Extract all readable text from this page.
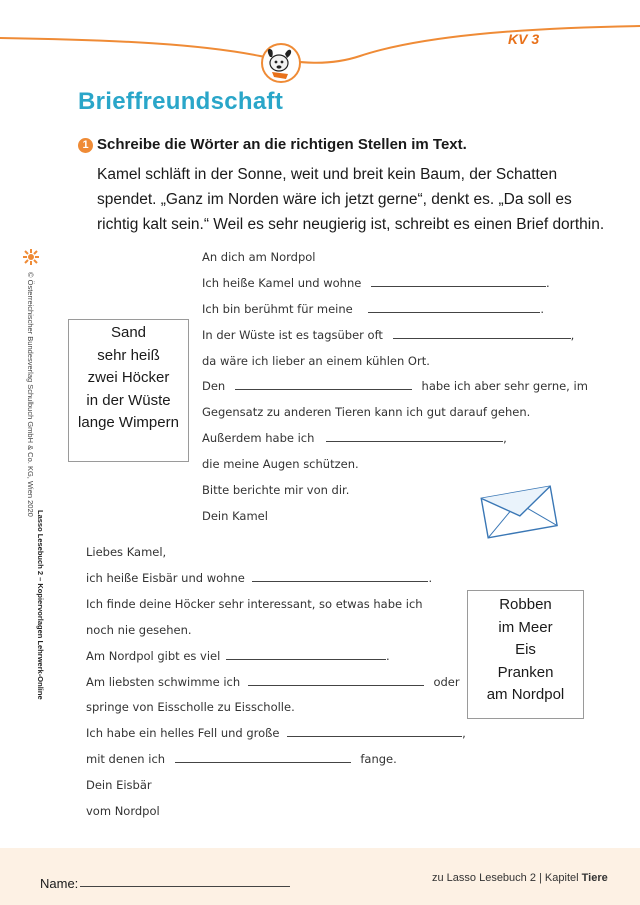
KV 3
Brieffreundschaft
1 Schreibe die Wörter an die richtigen Stellen im Text.
Kamel schläft in der Sonne, weit und breit kein Baum, der Schatten spendet. „Ganz im Norden wäre ich jetzt gerne“, denkt es. „Da soll es richtig kalt sein.“ Weil es sehr neugierig ist, schreibt es einen Brief dorthin.
© Österreichischer Bundesverlag Schulbuch GmbH & Co. KG, Wien 2020
Lasso Lesebuch 2 – Kopiervorlagen Lehrwerk-Online
Sand
sehr heiß
zwei Höcker
in der Wüste
lange Wimpern
An dich am Nordpol
Ich heiße Kamel und wohne	.
Ich bin berühmt für meine	.
In der Wüste ist es tagsüber oft	,
da wäre ich lieber an einem kühlen Ort.
Den	habe ich aber sehr gerne, im
Gegensatz zu anderen Tieren kann ich gut darauf gehen.
Außerdem habe ich	,
die meine Augen schützen.
Bitte berichte mir von dir.
Dein Kamel
Liebes Kamel,
ich heiße Eisbär und wohne	.
Ich finde deine Höcker sehr interessant, so etwas habe ich
noch nie gesehen.
Am Nordpol gibt es viel	.
Am liebsten schwimme ich	oder
springe von Eisscholle zu Eisscholle.
Ich habe ein helles Fell und große	,
mit denen ich	fange.
Dein Eisbär
vom Nordpol
Robben
im Meer
Eis
Pranken
am Nordpol
Name:	zu Lasso Lesebuch 2 | Kapitel Tiere
